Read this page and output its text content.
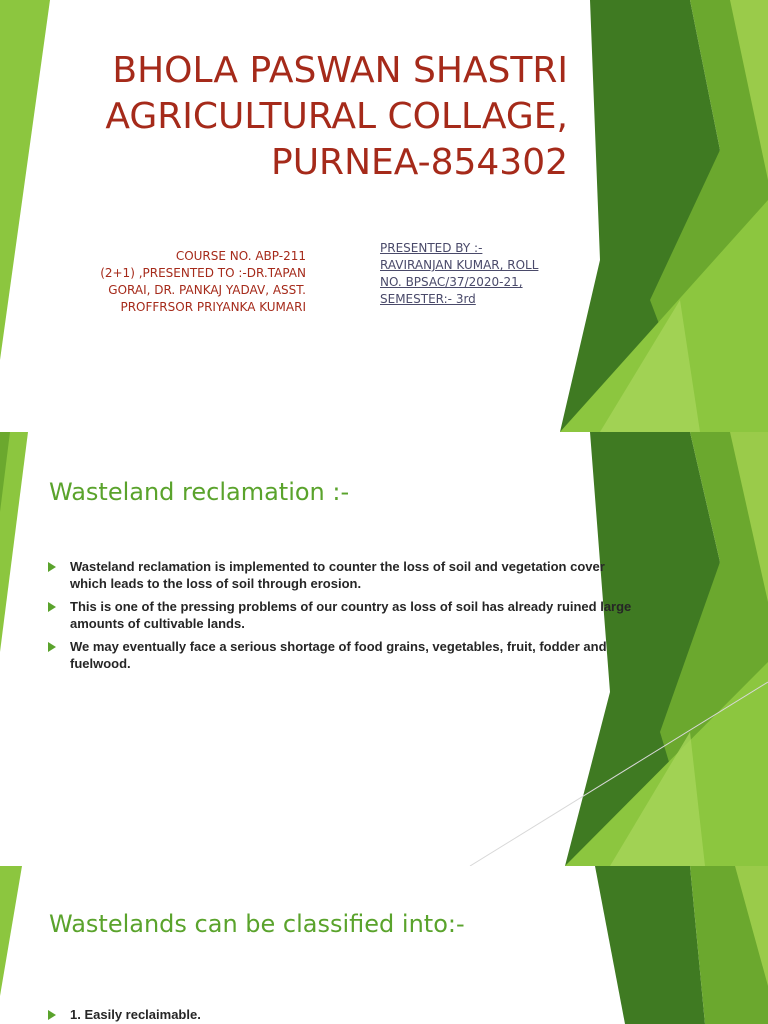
BHOLA PASWAN SHASTRI
AGRICULTURAL COLLAGE,
PURNEA-854302
COURSE NO. ABP-211
(2+1) ,PRESENTED TO :-DR.TAPAN
GORAI, DR. PANKAJ YADAV, ASST.
PROFFRSOR PRIYANKA KUMARI
PRESENTED BY :-
RAVIRANJAN KUMAR, ROLL
NO. BPSAC/37/2020-21,
SEMESTER:- 3rd
Wasteland reclamation :-
Wasteland reclamation is implemented to counter the loss of soil and vegetation cover which leads to the loss of soil through erosion.
This is one of the pressing problems of our country as loss of soil has already ruined large amounts of cultivable lands.
We may eventually face a serious shortage of food grains, vegetables, fruit, fodder and fuelwood.
Wastelands can be classified into:-
1. Easily reclaimable.
